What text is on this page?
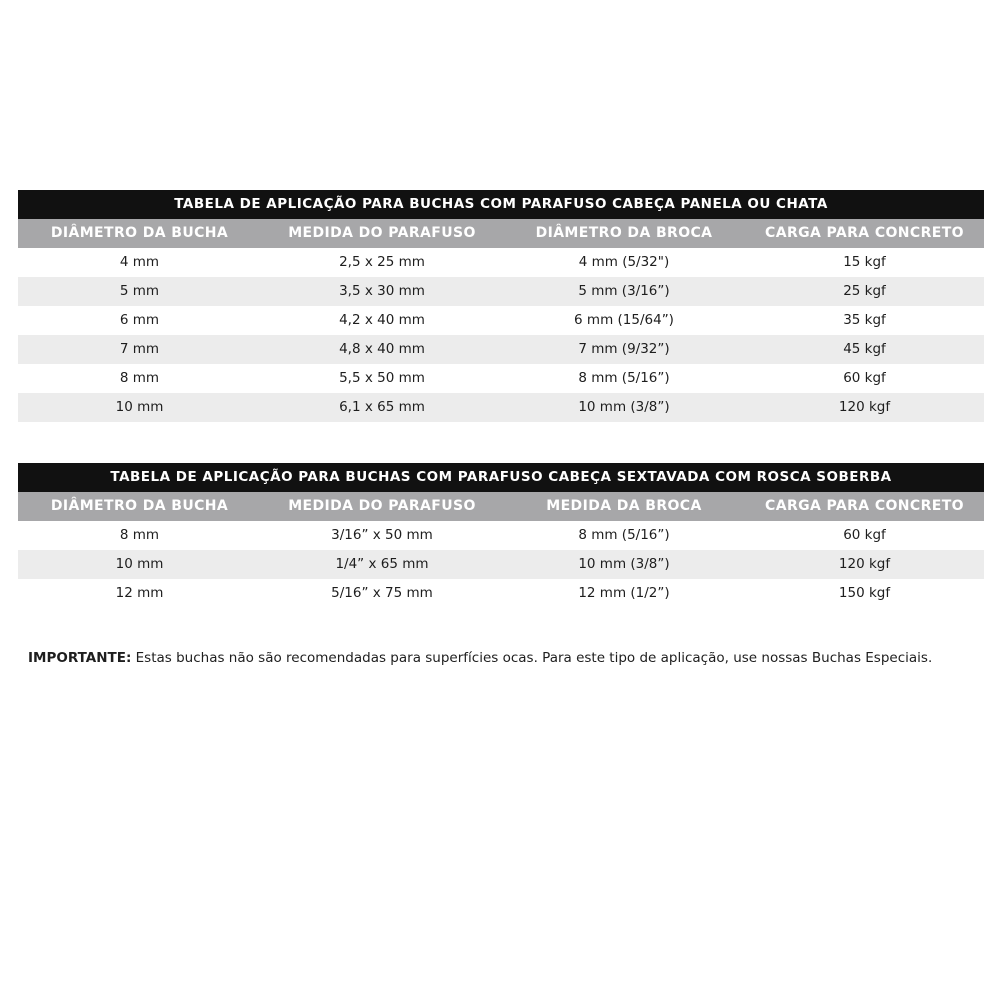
TABELA DE APLICAÇÃO PARA BUCHAS COM PARAFUSO CABEÇA PANELA OU CHATA			
DIÂMETRO DA BUCHA	MEDIDA DO PARAFUSO	DIÂMETRO DA BROCA	CARGA PARA CONCRETO
4 mm	2,5 x 25 mm	4 mm (5/32")	15 kgf
5 mm	3,5 x 30 mm	5 mm (3/16”)	25 kgf
6 mm	4,2 x 40 mm	6 mm (15/64”)	35 kgf
7 mm	4,8 x 40 mm	7 mm (9/32”)	45 kgf
8 mm	5,5 x 50 mm	8 mm (5/16”)	60 kgf
10 mm	6,1 x 65 mm	10 mm (3/8”)	120 kgf
TABELA DE APLICAÇÃO PARA BUCHAS COM PARAFUSO CABEÇA SEXTAVADA COM ROSCA SOBERBA			
DIÂMETRO DA BUCHA	MEDIDA DO PARAFUSO	MEDIDA DA BROCA	CARGA PARA CONCRETO
8 mm	3/16” x 50 mm	8 mm (5/16”)	60 kgf
10 mm	1/4” x 65 mm	10 mm (3/8”)	120 kgf
12 mm	5/16” x 75 mm	12 mm (1/2”)	150 kgf

IMPORTANTE: Estas buchas não são recomendadas para superfícies ocas. Para este tipo de aplicação, use nossas Buchas Especiais.
